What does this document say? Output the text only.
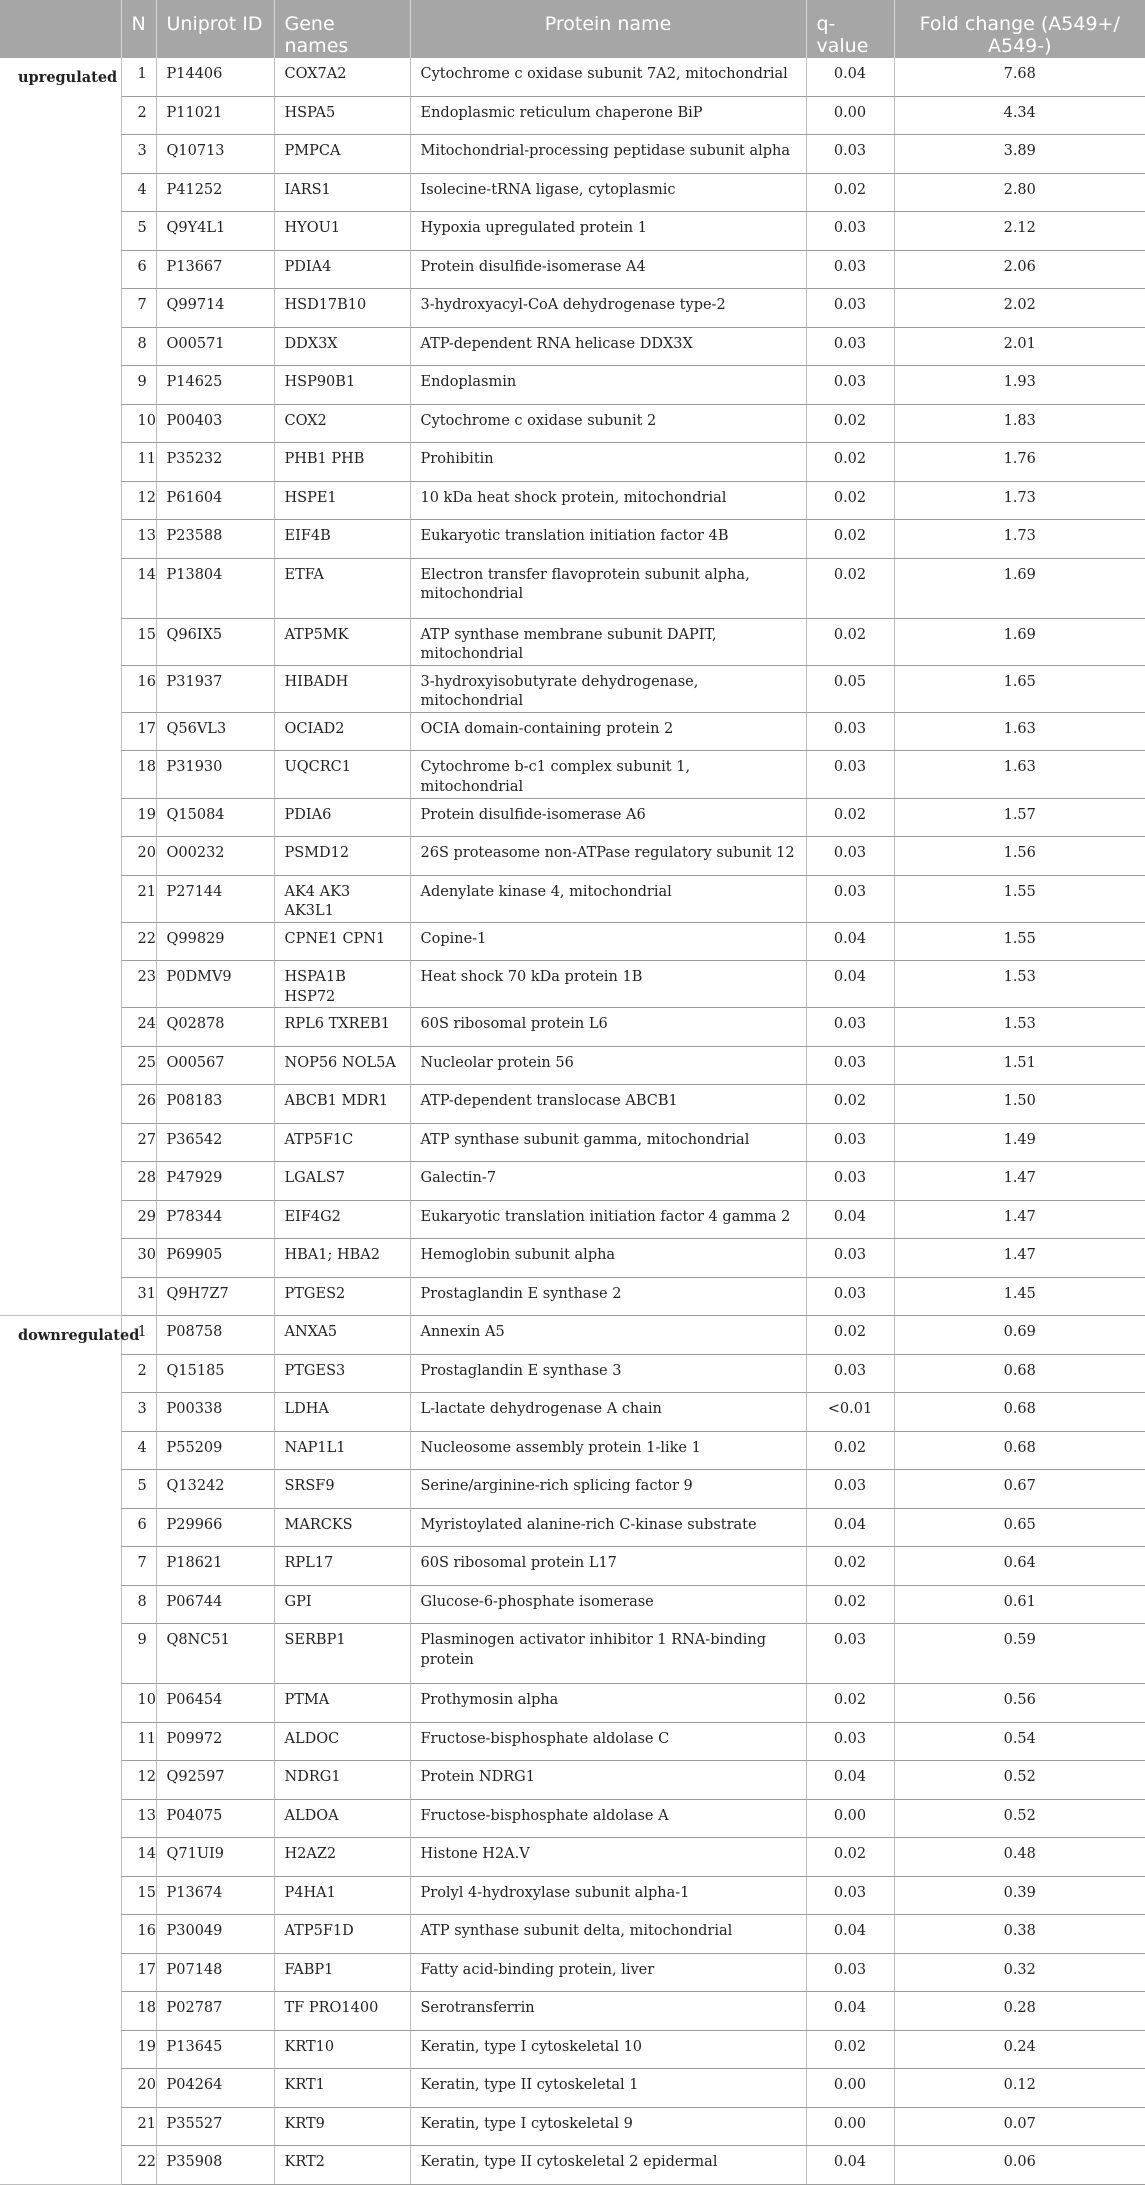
	N	Uniprot ID	Gene names	Protein name	q-value	Fold change (A549+/
A549-)
upregulated	1	P14406	COX7A2	Cytochrome c oxidase subunit 7A2, mitochondrial	0.04	7.68
	2	P11021	HSPA5	Endoplasmic reticulum chaperone BiP	0.00	4.34
	3	Q10713	PMPCA	Mitochondrial-processing peptidase subunit alpha	0.03	3.89
	4	P41252	IARS1	Isolecine-tRNA ligase, cytoplasmic	0.02	2.80
	5	Q9Y4L1	HYOU1	Hypoxia upregulated protein 1	0.03	2.12
	6	P13667	PDIA4	Protein disulfide-isomerase A4	0.03	2.06
	7	Q99714	HSD17B10	3-hydroxyacyl-CoA dehydrogenase type-2	0.03	2.02
	8	O00571	DDX3X	ATP-dependent RNA helicase DDX3X	0.03	2.01
	9	P14625	HSP90B1	Endoplasmin	0.03	1.93
	10	P00403	COX2	Cytochrome c oxidase subunit 2	0.02	1.83
	11	P35232	PHB1 PHB	Prohibitin	0.02	1.76
	12	P61604	HSPE1	10 kDa heat shock protein, mitochondrial	0.02	1.73
	13	P23588	EIF4B	Eukaryotic translation initiation factor 4B	0.02	1.73
	14	P13804	ETFA	Electron transfer flavoprotein subunit alpha, mitochondrial	0.02	1.69
	15	Q96IX5	ATP5MK	ATP synthase membrane subunit DAPIT, mitochondrial	0.02	1.69
	16	P31937	HIBADH	3-hydroxyisobutyrate dehydrogenase, mitochondrial	0.05	1.65
	17	Q56VL3	OCIAD2	OCIA domain-containing protein 2	0.03	1.63
	18	P31930	UQCRC1	Cytochrome b-c1 complex subunit 1, mitochondrial	0.03	1.63
	19	Q15084	PDIA6	Protein disulfide-isomerase A6	0.02	1.57
	20	O00232	PSMD12	26S proteasome non-ATPase regulatory subunit 12	0.03	1.56
	21	P27144	AK4 AK3 AK3L1	Adenylate kinase 4, mitochondrial	0.03	1.55
	22	Q99829	CPNE1 CPN1	Copine-1	0.04	1.55
	23	P0DMV9	HSPA1B HSP72	Heat shock 70 kDa protein 1B	0.04	1.53
	24	Q02878	RPL6 TXREB1	60S ribosomal protein L6	0.03	1.53
	25	O00567	NOP56 NOL5A	Nucleolar protein 56	0.03	1.51
	26	P08183	ABCB1 MDR1	ATP-dependent translocase ABCB1	0.02	1.50
	27	P36542	ATP5F1C	ATP synthase subunit gamma, mitochondrial	0.03	1.49
	28	P47929	LGALS7	Galectin-7	0.03	1.47
	29	P78344	EIF4G2	Eukaryotic translation initiation factor 4 gamma 2	0.04	1.47
	30	P69905	HBA1; HBA2	Hemoglobin subunit alpha	0.03	1.47
	31	Q9H7Z7	PTGES2	Prostaglandin E synthase 2	0.03	1.45
downregulated	1	P08758	ANXA5	Annexin A5	0.02	0.69
	2	Q15185	PTGES3	Prostaglandin E synthase 3	0.03	0.68
	3	P00338	LDHA	L-lactate dehydrogenase A chain	<0.01	0.68
	4	P55209	NAP1L1	Nucleosome assembly protein 1-like 1	0.02	0.68
	5	Q13242	SRSF9	Serine/arginine-rich splicing factor 9	0.03	0.67
	6	P29966	MARCKS	Myristoylated alanine-rich C-kinase substrate	0.04	0.65
	7	P18621	RPL17	60S ribosomal protein L17	0.02	0.64
	8	P06744	GPI	Glucose-6-phosphate isomerase	0.02	0.61
	9	Q8NC51	SERBP1	Plasminogen activator inhibitor 1 RNA-binding protein	0.03	0.59
	10	P06454	PTMA	Prothymosin alpha	0.02	0.56
	11	P09972	ALDOC	Fructose-bisphosphate aldolase C	0.03	0.54
	12	Q92597	NDRG1	Protein NDRG1	0.04	0.52
	13	P04075	ALDOA	Fructose-bisphosphate aldolase A	0.00	0.52
	14	Q71UI9	H2AZ2	Histone H2A.V	0.02	0.48
	15	P13674	P4HA1	Prolyl 4-hydroxylase subunit alpha-1	0.03	0.39
	16	P30049	ATP5F1D	ATP synthase subunit delta, mitochondrial	0.04	0.38
	17	P07148	FABP1	Fatty acid-binding protein, liver	0.03	0.32
	18	P02787	TF PRO1400	Serotransferrin	0.04	0.28
	19	P13645	KRT10	Keratin, type I cytoskeletal 10	0.02	0.24
	20	P04264	KRT1	Keratin, type II cytoskeletal 1	0.00	0.12
	21	P35527	KRT9	Keratin, type I cytoskeletal 9	0.00	0.07
	22	P35908	KRT2	Keratin, type II cytoskeletal 2 epidermal	0.04	0.06
